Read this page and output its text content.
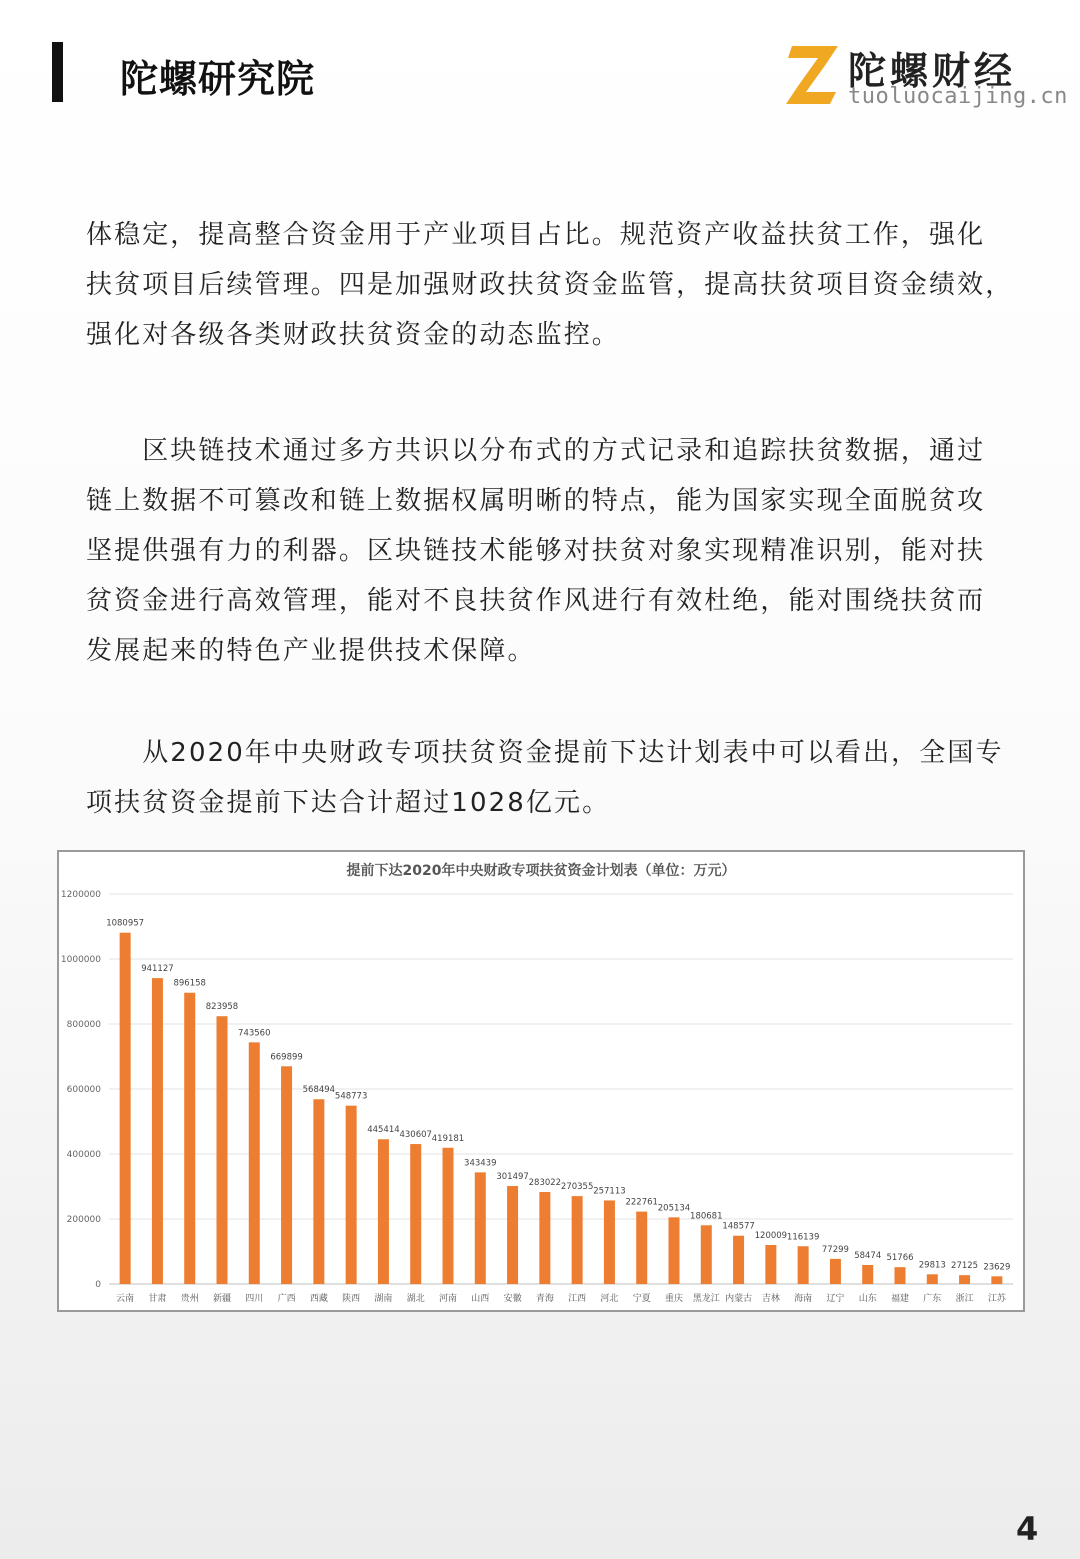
陀螺研究院	陀螺财经
tuoluocaijing.cn
体稳定，提高整合资金用于产业项目占比。规范资产收益扶贫工作，强化
扶贫项目后续管理。四是加强财政扶贫资金监管，提高扶贫项目资金绩效，
强化对各级各类财政扶贫资金的动态监控。
　　区块链技术通过多方共识以分布式的方式记录和追踪扶贫数据，通过
链上数据不可篡改和链上数据权属明晰的特点，能为国家实现全面脱贫攻
坚提供强有力的利器。区块链技术能够对扶贫对象实现精准识别，能对扶
贫资金进行高效管理，能对不良扶贫作风进行有效杜绝，能对围绕扶贫而
发展起来的特色产业提供技术保障。
　　从2020年中央财政专项扶贫资金提前下达计划表中可以看出，全国专
项扶贫资金提前下达合计超过1028亿元。
提前下达2020年中央财政专项扶贫资金计划表（单位：万元）
0
200000
400000
600000
800000
1000000
1200000
1080957
云南
941127
甘肃
896158
贵州
823958
新疆
743560
四川
669899
广西
568494
西藏
548773
陕西
445414
湖南
430607
湖北
419181
河南
343439
山西
301497
安徽
283022
青海
270355
江西
257113
河北
222761
宁夏
205134
重庆
180681
黑龙江
148577
内蒙古
120009
吉林
116139
海南
77299
辽宁
58474
山东
51766
福建
29813
广东
27125
浙江
23629
江苏
4
